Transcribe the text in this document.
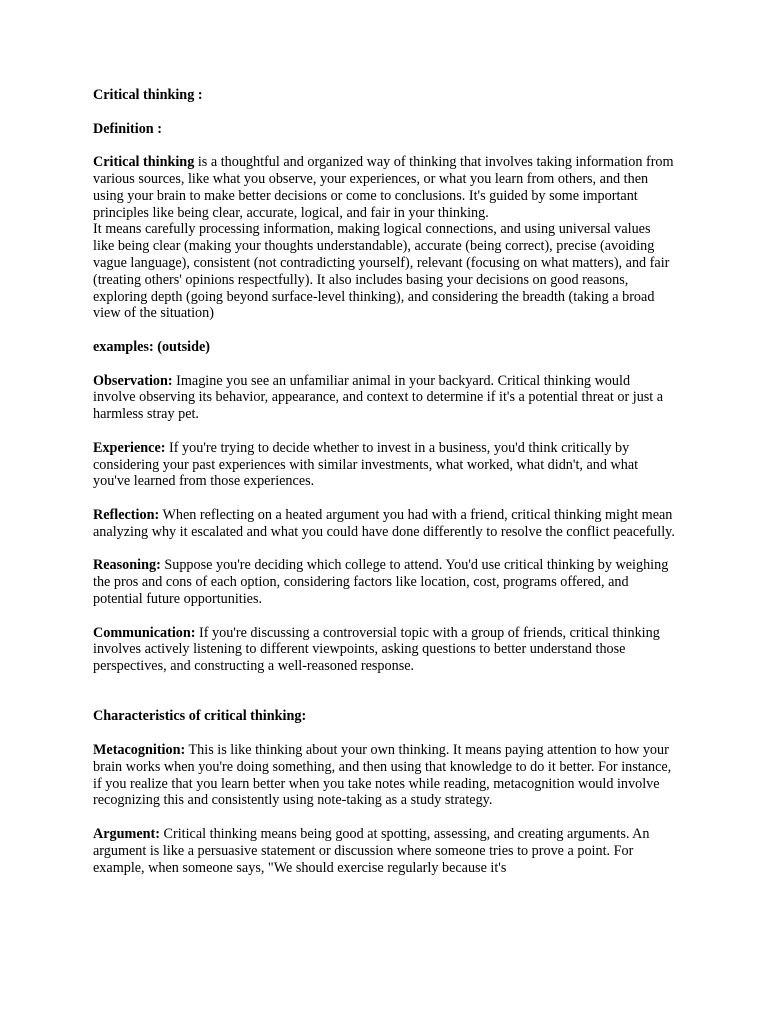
Critical thinking :

Definition :

Critical thinking is a thoughtful and organized way of thinking that involves taking information from various sources, like what you observe, your experiences, or what you learn from others, and then using your brain to make better decisions or come to conclusions. It's guided by some important principles like being clear, accurate, logical, and fair in your thinking.

It means carefully processing information, making logical connections, and using universal values like being clear (making your thoughts understandable), accurate (being correct), precise (avoiding vague language), consistent (not contradicting yourself), relevant (focusing on what matters), and fair (treating others' opinions respectfully). It also includes basing your decisions on good reasons, exploring depth (going beyond surface-level thinking), and considering the breadth (taking a broad view of the situation)

examples: (outside)

Observation: Imagine you see an unfamiliar animal in your backyard. Critical thinking would involve observing its behavior, appearance, and context to determine if it's a potential threat or just a harmless stray pet.

Experience: If you're trying to decide whether to invest in a business, you'd think critically by considering your past experiences with similar investments, what worked, what didn't, and what you've learned from those experiences.

Reflection: When reflecting on a heated argument you had with a friend, critical thinking might mean analyzing why it escalated and what you could have done differently to resolve the conflict peacefully.

Reasoning: Suppose you're deciding which college to attend. You'd use critical thinking by weighing the pros and cons of each option, considering factors like location, cost, programs offered, and potential future opportunities.

Communication: If you're discussing a controversial topic with a group of friends, critical thinking involves actively listening to different viewpoints, asking questions to better understand those perspectives, and constructing a well-reasoned response.

Characteristics of critical thinking:

Metacognition: This is like thinking about your own thinking. It means paying attention to how your brain works when you're doing something, and then using that knowledge to do it better. For instance, if you realize that you learn better when you take notes while reading, metacognition would involve recognizing this and consistently using note-taking as a study strategy.

Argument: Critical thinking means being good at spotting, assessing, and creating arguments. An argument is like a persuasive statement or discussion where someone tries to prove a point. For example, when someone says, "We should exercise regularly because it's
